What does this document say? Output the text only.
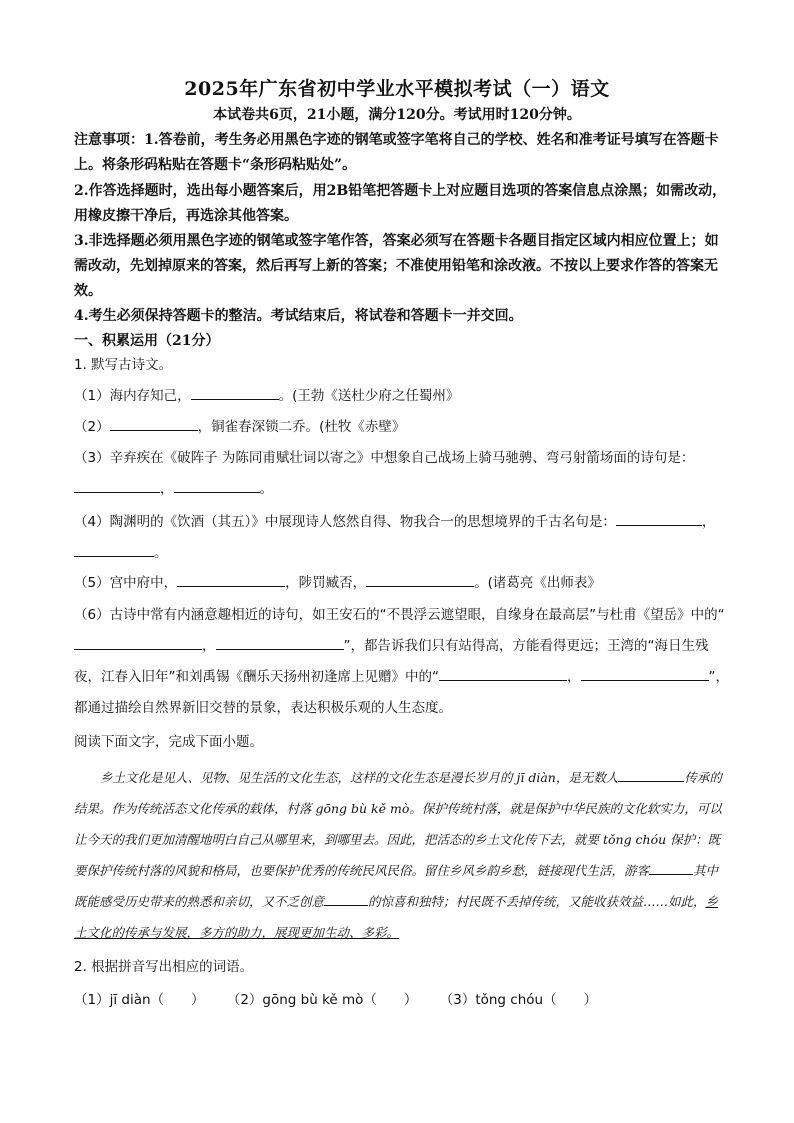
2025年广东省初中学业水平模拟考试（一）语文
本试卷共6页，21小题，满分120分。考试用时120分钟。
注意事项：1.答卷前，考生务必用黑色字迹的钢笔或签字笔将自己的学校、姓名和准考证号填写在答题卡上。将条形码粘贴在答题卡“条形码粘贴处”。
2.作答选择题时，选出每小题答案后，用2B铅笔把答题卡上对应题目选项的答案信息点涂黑；如需改动，用橡皮擦干净后，再选涂其他答案。
3.非选择题必须用黑色字迹的钢笔或签字笔作答，答案必须写在答题卡各题目指定区域内相应位置上；如需改动，先划掉原来的答案，然后再写上新的答案；不准使用铅笔和涂改液。不按以上要求作答的答案无效。
4.考生必须保持答题卡的整洁。考试结束后，将试卷和答题卡一并交回。
一、积累运用（21分）
1. 默写古诗文。
（1）海内存知己，	。(王勃《送杜少府之任蜀州》
（2）	，铜雀春深锁二乔。(杜牧《赤壁》
（3）辛弃疾在《破阵子 为陈同甫赋壮词以寄之》中想象自己战场上骑马驰骋、弯弓射箭场面的诗句是：
，	。
（4）陶渊明的《饮酒（其五）》中展现诗人悠然自得、物我合一的思想境界的千古名句是：	，
。
（5）宫中府中，	，陟罚臧否，	。(诸葛亮《出师表》
（6）古诗中常有内涵意趣相近的诗句，如王安石的“不畏浮云遮望眼，自缘身在最高层”与杜甫《望岳》中的“，	”，都告诉我们只有站得高，方能看得更远；王湾的“海日生残夜，江春入旧年”和刘禹锡《酬乐天扬州初逢席上见赠》中的“	，	”，都通过描绘自然界新旧交替的景象，表达积极乐观的人生态度。
阅读下面文字，完成下面小题。
乡土文化是见人、见物、见生活的文化生态，这样的文化生态是漫长岁月的 jī diàn，是无数人	传承的结果。作为传统活态文化传承的载体，村落 gōng bù kě mò。保护传统村落，就是保护中华民族的文化软实力，可以让今天的我们更加清醒地明白自己从哪里来，到哪里去。因此，把活态的乡土文化传下去，就要 tǒng chóu 保护：既要保护传统村落的风貌和格局，也要保护优秀的传统民风民俗。留住乡风乡韵乡愁，链接现代生活，游客	其中既能感受历史带来的熟悉和亲切，又不乏创意	的惊喜和独特；村民既不丢掉传统，又能收获效益……如此，乡土文化的传承与发展，多方的助力，展现更加生动、多彩。
2. 根据拼音写出相应的词语。
（1）jī diàn（　　） （2）gōng bù kě mò（　　） （3）tǒng chóu（　　）
